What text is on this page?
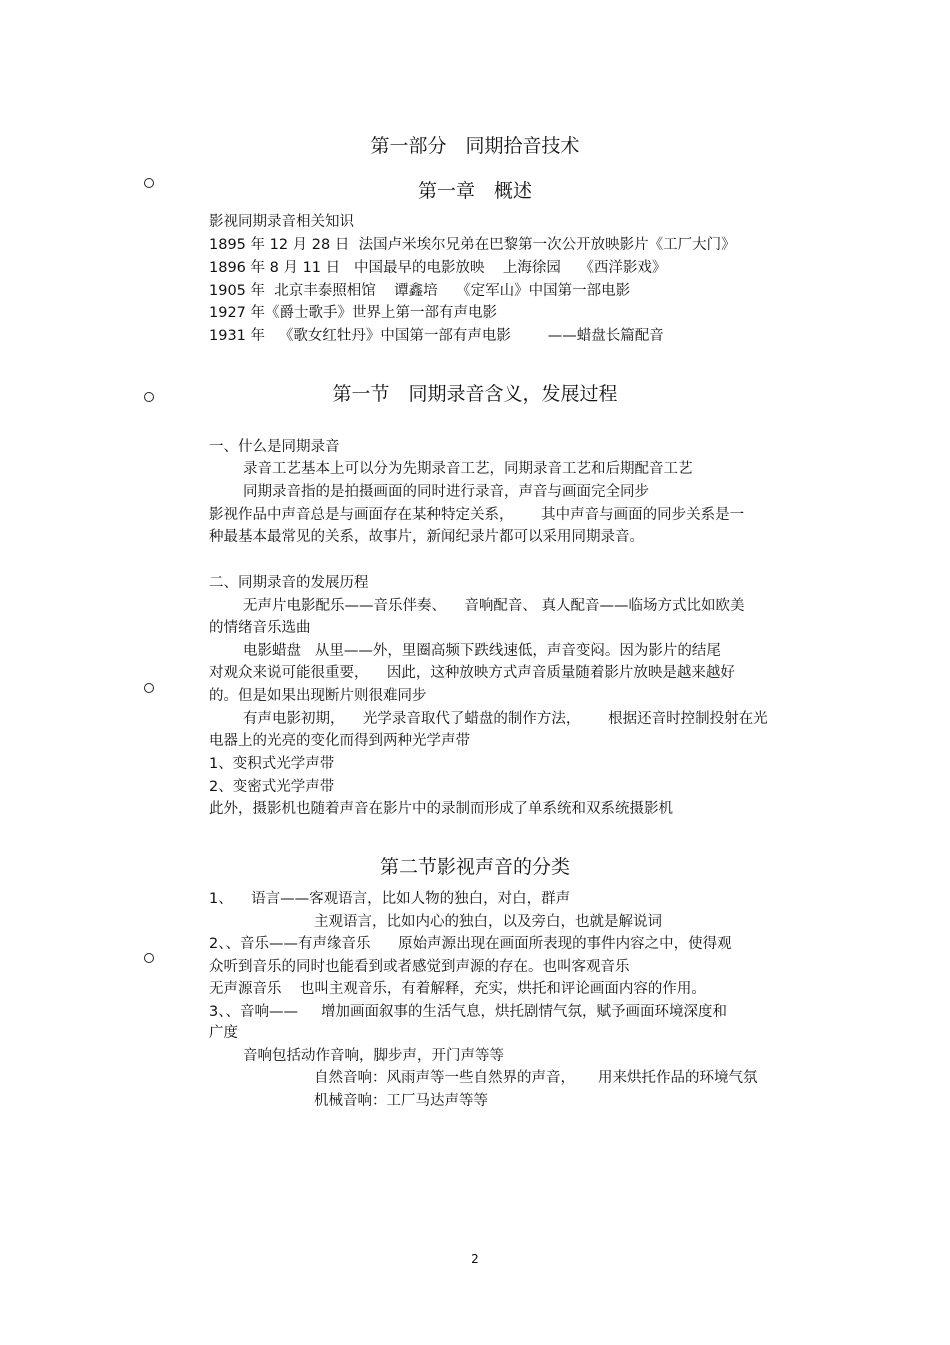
第一部分　同期拾音技术
第一章　概述
影视同期录音相关知识
1895 年 12 月 28 日  法国卢米埃尔兄弟在巴黎第一次公开放映影片《工厂大门》
1896 年 8 月 11 日   中国最早的电影放映    上海徐园    《西洋影戏》
1905 年  北京丰泰照相馆    谭鑫培    《定军山》中国第一部电影
1927 年《爵士歌手》世界上第一部有声电影
1931 年   《歌女红牡丹》中国第一部有声电影        ——蜡盘长篇配音
第一节　同期录音含义，发展过程
一、什么是同期录音
录音工艺基本上可以分为先期录音工艺，同期录音工艺和后期配音工艺
同期录音指的是拍摄画面的同时进行录音，声音与画面完全同步
影视作品中声音总是与画面存在某种特定关系，      其中声音与画面的同步关系是一
种最基本最常见的关系，故事片，新闻纪录片都可以采用同期录音。
二、同期录音的发展历程
无声片电影配乐——音乐伴奏、    音响配音、 真人配音——临场方式比如欧美
的情绪音乐选曲
电影蜡盘   从里——外，里圈高频下跌线速低，声音变闷。因为影片的结尾
对观众来说可能很重要，    因此，这种放映方式声音质量随着影片放映是越来越好
的。但是如果出现断片则很难同步
有声电影初期，    光学录音取代了蜡盘的制作方法，      根据还音时控制投射在光
电器上的光亮的变化而得到两种光学声带
1、变积式光学声带
2、变密式光学声带
此外，摄影机也随着声音在影片中的录制而形成了单系统和双系统摄影机
第二节影视声音的分类
1、    语言——客观语言，比如人物的独白，对白，群声
主观语言，比如内心的独白，以及旁白，也就是解说词
2、、音乐——有声缘音乐      原始声源出现在画面所表现的事件内容之中，使得观
众听到音乐的同时也能看到或者感觉到声源的存在。也叫客观音乐
无声源音乐    也叫主观音乐，有着解释，充实，烘托和评论画面内容的作用。
3、、音响——     增加画面叙事的生活气息，烘托剧情气氛，赋予画面环境深度和
广度
音响包括动作音响，脚步声，开门声等等
自然音响：风雨声等一些自然界的声音，     用来烘托作品的环境气氛
机械音响：工厂马达声等等
2
